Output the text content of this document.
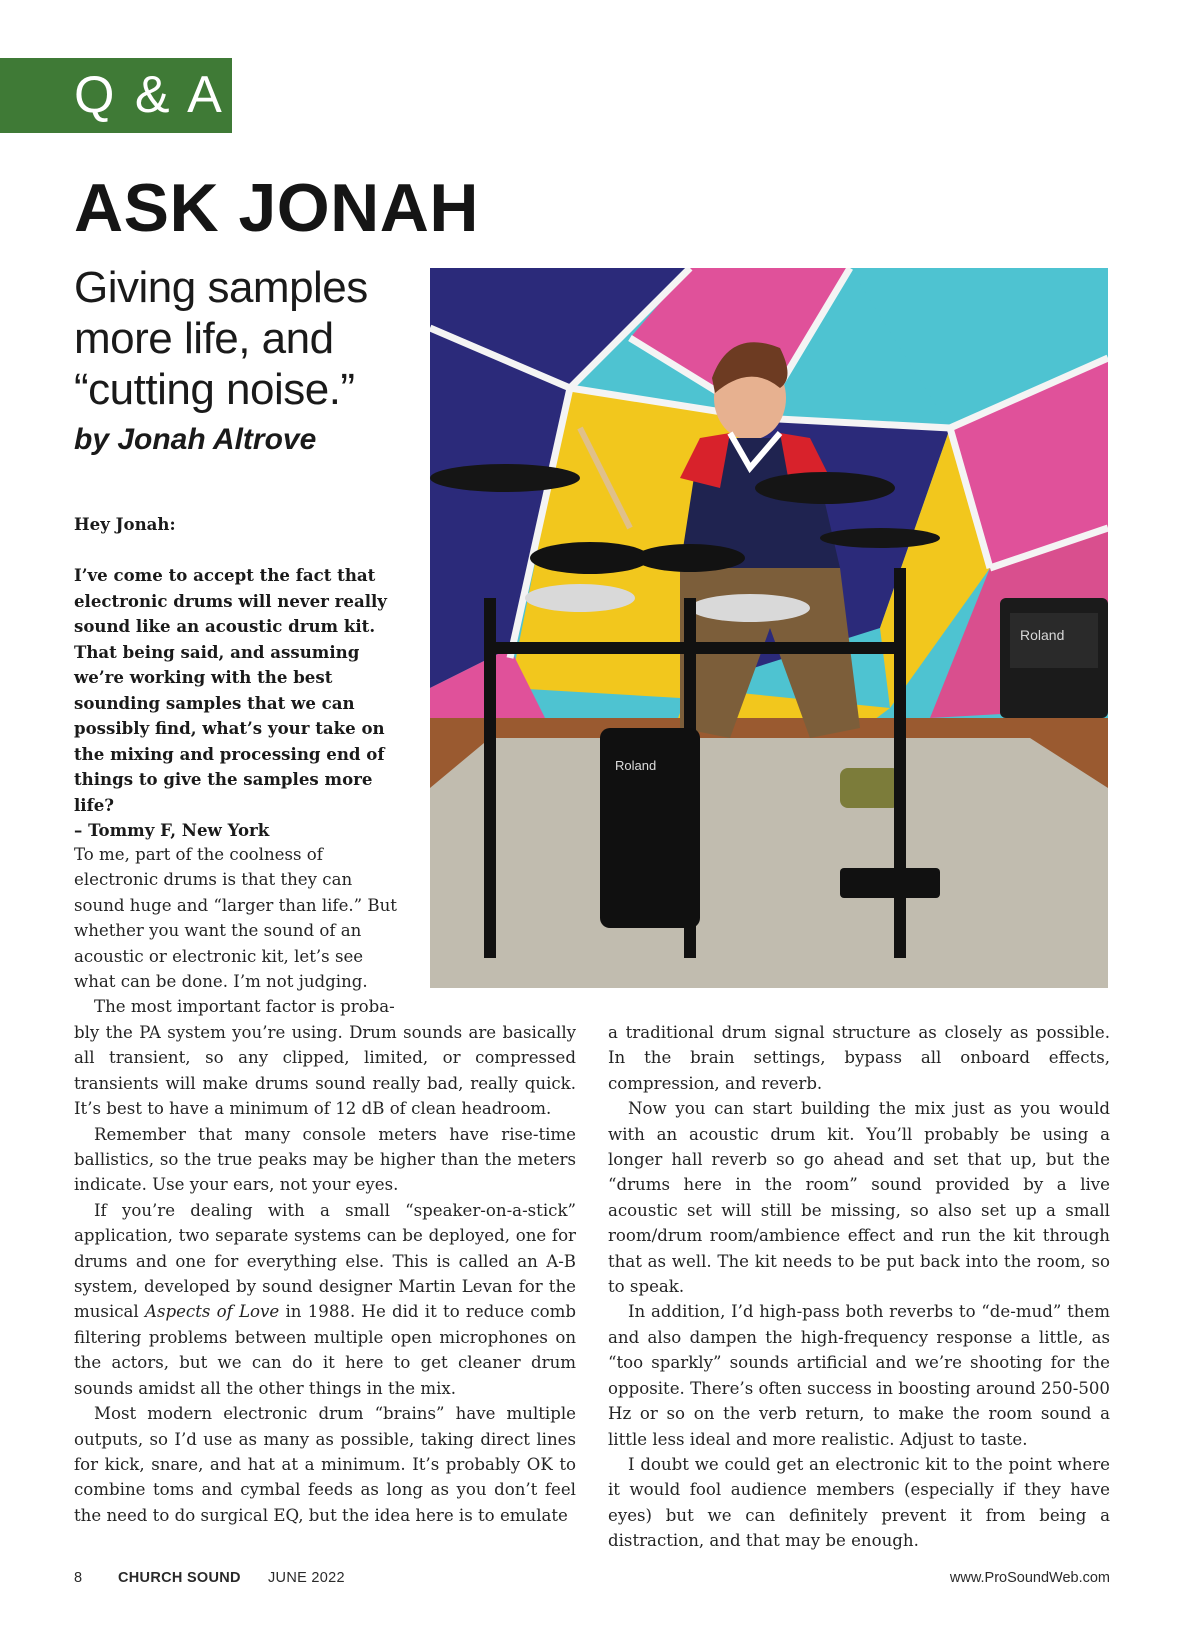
Q & A
ASK JONAH
Giving samples
more life, and
“cutting noise.”
by Jonah Altrove
Hey Jonah:
I’ve come to accept the fact that electronic drums will never really sound like an acoustic drum kit. That being said, and assuming we’re working with the best sounding samples that we can possibly find, what’s your take on the mixing and processing end of things to give the samples more life?
– Tommy F, New York
Roland
Roland

To me, part of the coolness of electronic drums is that they can sound huge and “larger than life.” But whether you want the sound of an acoustic or electronic kit, let’s see what can be done. I’m not judging.

The most important factor is proba-

bly the PA system you’re using. Drum sounds are basically all transient, so any clipped, limited, or compressed transients will make drums sound really bad, really quick. It’s best to have a minimum of 12 dB of clean headroom.

Remember that many console meters have rise-time ballistics, so the true peaks may be higher than the meters indicate. Use your ears, not your eyes.

If you’re dealing with a small “speaker-on-a-stick” application, two separate systems can be deployed, one for drums and one for everything else. This is called an A-B system, developed by sound designer Martin Levan for the musical Aspects of Love in 1988. He did it to reduce comb filtering problems between multiple open microphones on the actors, but we can do it here to get cleaner drum sounds amidst all the other things in the mix.

Most modern electronic drum “brains” have multiple outputs, so I’d use as many as possible, taking direct lines for kick, snare, and hat at a minimum. It’s probably OK to combine toms and cymbal feeds as long as you don’t feel the need to do surgical EQ, but the idea here is to emulate

a traditional drum signal structure as closely as possible. In the brain settings, bypass all onboard effects, compression, and reverb.

Now you can start building the mix just as you would with an acoustic drum kit. You’ll probably be using a longer hall reverb so go ahead and set that up, but the “drums here in the room” sound provided by a live acoustic set will still be missing, so also set up a small room/drum room/ambience effect and run the kit through that as well. The kit needs to be put back into the room, so to speak.

In addition, I’d high-pass both reverbs to “de-mud” them and also dampen the high-frequency response a little, as “too sparkly” sounds artificial and we’re shooting for the opposite. There’s often success in boosting around 250-500 Hz or so on the verb return, to make the room sound a little less ideal and more realistic. Adjust to taste.

I doubt we could get an electronic kit to the point where it would fool audience members (especially if they have eyes) but we can definitely prevent it from being a distraction, and that may be enough.

8 CHURCH SOUND JUNE 2022	www.ProSoundWeb.com
